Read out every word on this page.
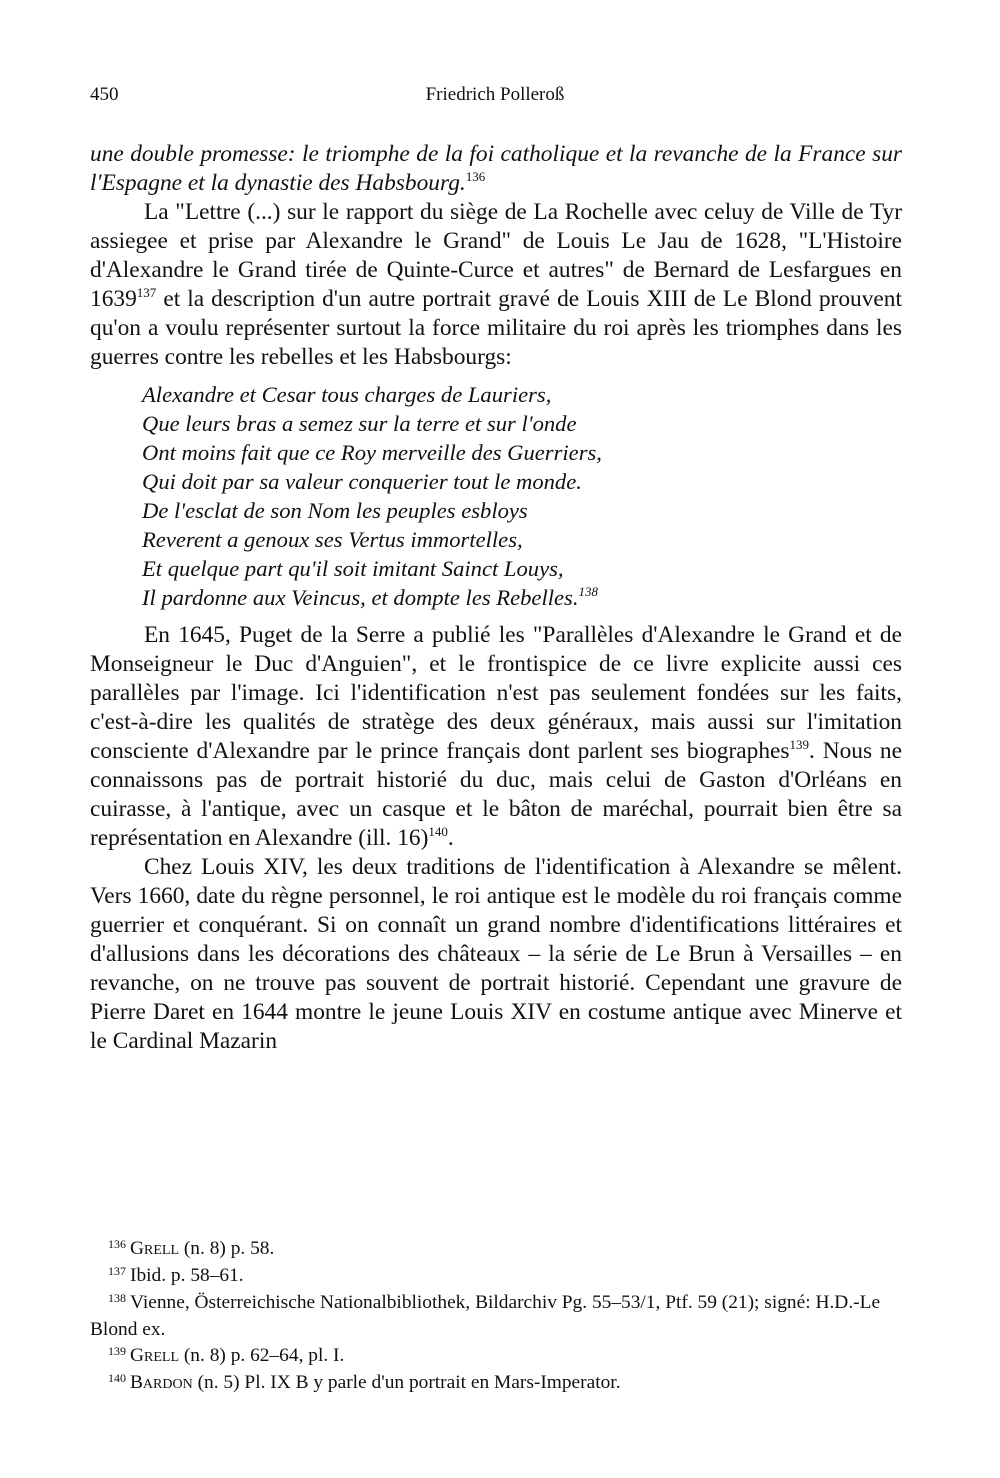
450	Friedrich Polleroß

une double promesse: le triomphe de la foi catholique et la revanche de la France sur l'Espagne et la dynastie des Habsbourg.$^{136}$

La "Lettre (...) sur le rapport du siège de La Rochelle avec celuy de Ville de Tyr assiegee et prise par Alexandre le Grand" de Louis Le Jau de 1628, "L'Histoire d'Alexandre le Grand tirée de Quinte-Curce et autres" de Bernard de Lesfargues en 1639$^{137}$ et la description d'un autre portrait gravé de Louis XIII de Le Blond prouvent qu'on a voulu représenter surtout la force militaire du roi après les triomphes dans les guerres contre les rebelles et les Habsbourgs:

Alexandre et Cesar tous charges de Lauriers,
Que leurs bras a semez sur la terre et sur l'onde
Ont moins fait que ce Roy merveille des Guerriers,
Qui doit par sa valeur conquerier tout le monde.
De l'esclat de son Nom les peuples esbloys
Reverent a genoux ses Vertus immortelles,
Et quelque part qu'il soit imitant Sainct Louys,
Il pardonne aux Veincus, et dompte les Rebelles.$^{138}$

En 1645, Puget de la Serre a publié les "Parallèles d'Alexandre le Grand et de Monseigneur le Duc d'Anguien", et le frontispice de ce livre explicite aussi ces parallèles par l'image. Ici l'identification n'est pas seulement fondées sur les faits, c'est-à-dire les qualités de stratège des deux généraux, mais aussi sur l'imitation consciente d'Alexandre par le prince français dont parlent ses biographes$^{139}$. Nous ne connaissons pas de portrait historié du duc, mais celui de Gaston d'Orléans en cuirasse, à l'antique, avec un casque et le bâton de maréchal, pourrait bien être sa représentation en Alexandre (ill. 16)$^{140}$.

Chez Louis XIV, les deux traditions de l'identification à Alexandre se mêlent. Vers 1660, date du règne personnel, le roi antique est le modèle du roi français comme guerrier et conquérant. Si on connaît un grand nombre d'identifications littéraires et d'allusions dans les décorations des châteaux – la série de Le Brun à Versailles – en revanche, on ne trouve pas souvent de portrait historié. Cependant une gravure de Pierre Daret en 1644 montre le jeune Louis XIV en costume antique avec Minerve et le Cardinal Mazarin

$^{136}$ Grell (n. 8) p. 58.

$^{137}$ Ibid. p. 58–61.

$^{138}$ Vienne, Österreichische Nationalbibliothek, Bildarchiv Pg. 55–53/1, Ptf. 59 (21); signé: H.D.-Le Blond ex.

$^{139}$ Grell (n. 8) p. 62–64, pl. I.

$^{140}$ Bardon (n. 5) Pl. IX B y parle d'un portrait en Mars-Imperator.
